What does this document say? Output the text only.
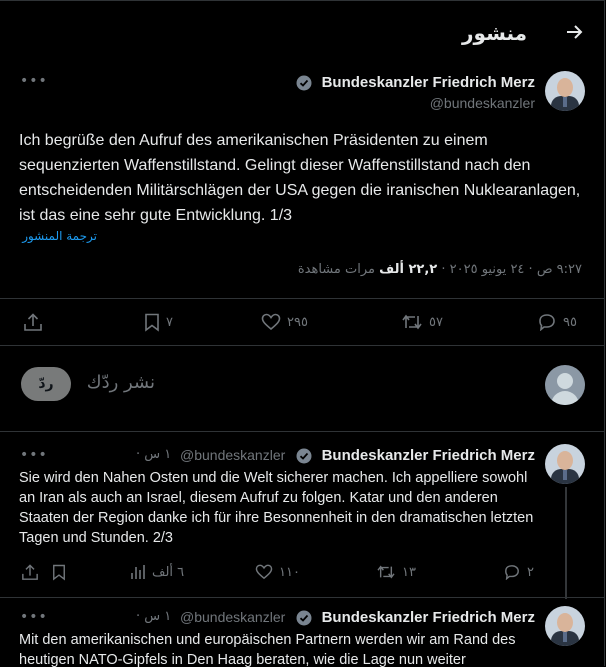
منشور
Bundeskanzler Friedrich Merz
@bundeskanzler
•••
Ich begrüße den Aufruf des amerikanischen Präsidenten zu einem sequenzierten Waffenstillstand. Gelingt dieser Waffenstillstand nach den entscheidenden Militärschlägen der USA gegen die iranischen Nuklearanlagen, ist das eine sehr gute Entwicklung. 1/3
ترجمة المنشور
٩:٢٧ ص · ٢٤ يونيو ٢٠٢٥ · ٢٢,٢ ألف مرات مشاهدة
٩٥
٥٧
٢٩٥
٧
نشر ردّك
ردّ
Bundeskanzler Friedrich Merz
@bundeskanzler
١ س ·
•••
Sie wird den Nahen Osten und die Welt sicherer machen. Ich appelliere sowohl an Iran als auch an Israel, diesem Aufruf zu folgen. Katar und den anderen Staaten der Region danke ich für ihre Besonnenheit in den dramatischen letzten Tagen und Stunden. 2/3
٢
١٣
١١٠
٦ ألف
Bundeskanzler Friedrich Merz
@bundeskanzler
١ س ·
•••
Mit den amerikanischen und europäischen Partnern werden wir am Rand des heutigen NATO-Gipfels in Den Haag beraten, wie die Lage nun weiter
